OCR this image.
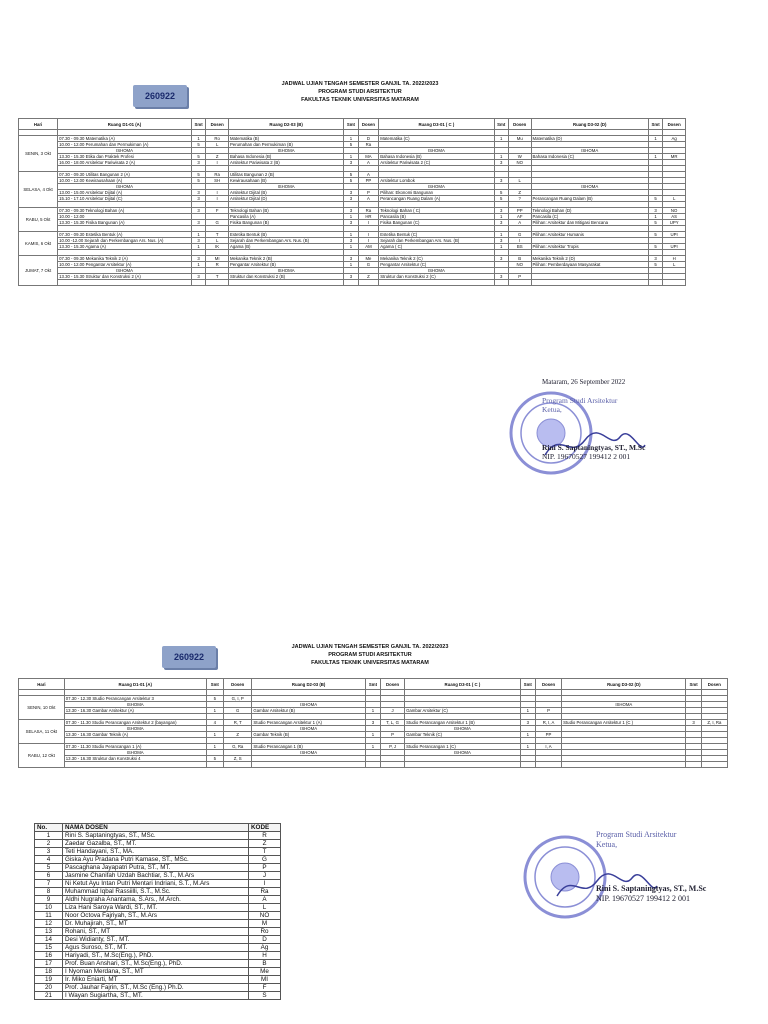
260922
JADWAL UJIAN TENGAH SEMESTER GANJIL TA. 2022/2023
PROGRAM STUDI ARSITEKTUR
FAKULTAS TEKNIK UNIVERSITAS MATARAM
Hari	Ruang D1-01 (A)	Smt	Dosen	Ruang D2-03 (B)	Smt	Dosen	Ruang D3-01 ( C )	Smt	Dosen	Ruang D3-02 (D)	Smt	Dosen

SENIN, 3 Okt	07.30 - 09.30 Matematika (A)	1	Ro	Matematika (B)	1	D	Matematika (C)	1	Mu	Matematika (D)	1	Ag
	10.00 - 12.00 Perumahan dan Permukiman (A)	5	L	Perumahan dan Permukiman (B)	5	Ra						
	ISHOMA			ISHOMA			ISHOMA			ISHOMA		
	13.30 - 15.30 Etika dan Praktek Profesi	5	Z	Bahasa Indonesia (B)	1	MA	Bahasa Indonesia (B)	1	W	Bahasa Indonesia (C)	1	MR
	16.00 - 18.00 Arsitektur Pariwisata 2 (A)	3	I	Arsitektur Pariwisata 2 (B)	3	A	Arsitektur Pariwisata 2 (C)	3	NO			

SELASA, 4 Okt	07.30 - 09.30 Utilitas Bangunan 2 (A)	5	Ra	Utilitas Bangunan 2 (B)	5	A						
	10.00 - 12.00 Kewirausahaan (A)	5	SH	Kewirausahaan (B)	5	PP	Arsitektur Lombok	3	L			
	ISHOMA			ISHOMA			ISHOMA			ISHOMA		
	13.00 - 15.00 Arsitektur Dijital (A)	3	I	Arsitektur Dijital (B)	3	P	Pilihan: Ekonomi Bangunan	5	Z			
	15.10 - 17.10 Arsitektur Dijital (C)	3	I	Arsitektur Dijital (D)	3	A	Perancangan Ruang Dalam (A)	5	?	Perancangan Ruang Dalam (B)	5	L

RABU, 5 Okt	07.30 - 09.30 Teknologi Bahan (A)	3	F	Teknologi Bahan (B)	3	Ra	Teknologi Bahan ( C)	3	PP	Teknologi Bahan (D)	3	NO
	10.00 - 12.00			Pancasila (A)	1	HR	Pancasila (B)	1	AF	Pancasila (C)	1	AS
	13.30 - 15.30 Fisika Bangunan (A)	3	G	Fisika Bangunan (B)	3	I	Fisika Bangunan (C)	3	A	Pilihan: Arsitektur dan Mitigasi Bencana	5	UPY

KAMIS, 6 Okt	07.30 - 09.30 Estetika Bentuk (A)	1	T	Estetika Bentuk (B)	1	I	Estetika Bentuk (C)	1	G	Pilihan: Arsitektur Humanis	5	UPI
	10.00 -12.00 Sejarah dan Perkembangan Ars. Nus. (A)	3	L	Sejarah dan Perkembangan Ars. Nus. (B)	3	I	Sejarah dan Perkembangan Ars. Nus. (B)	3	I			
	13.30 - 15.30 Agama (A)	1	IK	Agama (B)	1	AM	Agama ( C)	1	BS	Pilihan: Arsitektur Tropis	5	UPI

JUMAT, 7 Okt	07.30 - 09.30 Mekanika Teknik 2 (A)	3	MI	Mekanika Teknik 2 (B)	3	Me	Mekanika Teknik 2 (C)	3	B	Mekanika Teknik 2 (D)	3	H
	10.00 - 12.00 Pengantar Arsitektur (A)	1	R	Pengantar Arsitektur (B)	1	G	Pengantar Arsitektur (C)		NO	Pilihan: Pemberdayaan Masyarakat	5	L
	ISHOMA			ISHOMA			ISHOMA					
	13.30 - 15.30 Struktur dan Konstruksi 2 (A)	3	T	Struktur dan Konstruksi 2 (B)	3	Z	Struktur dan Konstruksi 2 (C)	3	P			

Mataram, 26 September 2022
Program Studi Arsitektur
Ketua,
Rini S. Saptaningtyas, ST., M.Sc
NIP. 19670527 199412 2 001
260922
JADWAL UJIAN TENGAH SEMESTER GANJIL TA. 2022/2023
PROGRAM STUDI ARSITEKTUR
FAKULTAS TEKNIK UNIVERSITAS MATARAM
Hari	Ruang D1-01 (A)	Smt	Dosen	Ruang D2-03 (B)	Smt	Dosen	Ruang D3-01 ( C )	Smt	Dosen	Ruang D3-02 (D)	Smt	Dosen

SENIN, 10 Okt	07.30 - 12.30 Studio Perancangan Arsitektur 3	5	G, I, P									
	ISHOMA			ISHOMA						ISHOMA		
	13.30 - 16.30 Gambar Arsitektur (A)	1	G	Gambar Arsitektur (B)	1	J	Gambar Arsitektur (C)	1	P			

SELASA, 11 Okt	07.30 - 11.30 Studio Perancangan Arsitektur 2 (bayangan)	4	R, T	Studio Perancangan Arsitektur 1 (A)	3	T, L, G	Studio Perancangan Arsitektur 1 (B)	3	R, I, A	Studio Perancangan Arsitektur 1 (C )	3	Z, I, Ra
	ISHOMA			ISHOMA			ISHOMA					
	13.30 - 16.30 Gambar Teknik (A)	1	Z	Gambar Teknik (B)	1	P	Gambar Teknik (C)	1	PP			

RABU, 12 Okt	07.30 - 11.30 Studio Perancangan 1 (A)	1	G, Ra	Studio Perancangan 1 (B)	1	P, J	Studio Perancangan 1 (C)	1	I, A			
	ISHOMA			ISHOMA			ISHOMA					
	13.30 - 16.30 Struktur dan Konstruksi 4	5	Z, S									

No.	NAMA DOSEN	KODE
1	Rini S. Saptaningtyas, ST., MSc.	R
2	Zaedar Gazalba, ST., MT.	Z
3	Teti Handayani, ST., MA.	T
4	Giska Ayu Pradana Putri Kamase, ST., MSc.	G
5	Pascaghana Jayapatri Putra, ST., MT.	P
6	Jasmine Chanifah Uzdah Bachtiar, S.T., M.Ars	J
7	Ni Ketut Ayu Intan Putri Mentari Indriani, S.T., M.Ars	I
8	Muhammad Iqbal Rassiilli, S.T., M.Sc.	Ra
9	Aldhi Nugraha Anantama, S.Ars., M.Arch.	A
10	Liza Hani Saroya Wardi, ST., MT.	L
11	Noor Octova Fajriyah, ST., M.Ars	NO
12	Dr. Muhajirah, ST., MT	M
13	Rohani, ST., MT	Ro
14	Desi Widianty, ST., MT.	D
15	Agus Suroso, ST., MT.	Ag
16	Hariyadi, ST., M.Sc(Eng.), PhD.	H
17	Prof. Buan Anshari, ST., M.Sc(Eng.), PhD.	B
18	I Nyoman Merdana, ST., MT	Me
19	Ir. Miko Eniarti, MT	MI
20	Prof. Jauhar Fajrin, ST., M.Sc (Eng.) Ph.D.	F
21	I Wayan Sugiartha, ST., MT.	S
Program Studi Arsitektur
Ketua,
Rini S. Saptaningtyas, ST., M.Sc
NIP. 19670527 199412 2 001
